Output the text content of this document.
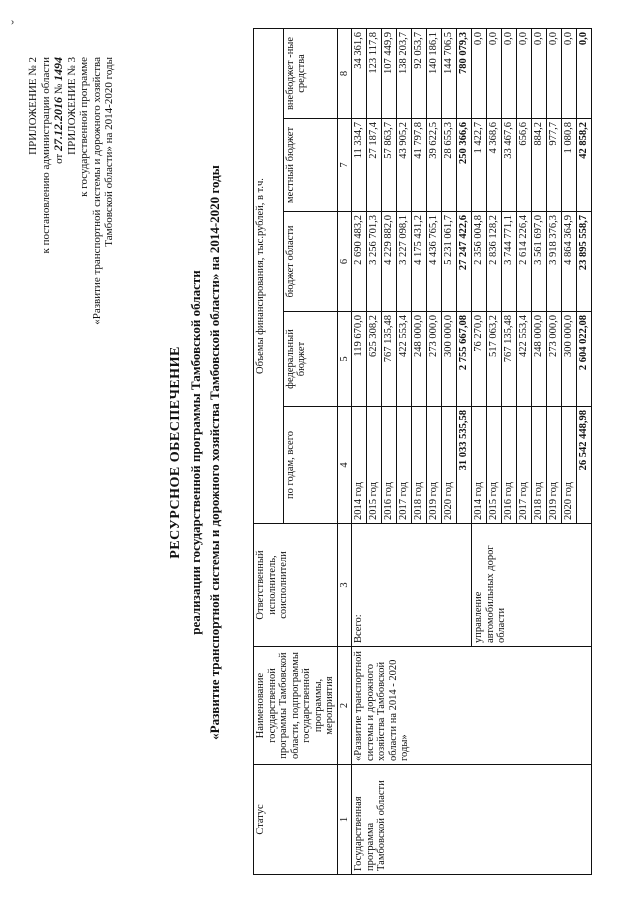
ˇ
ПРИЛОЖЕНИЕ № 2 к постановлению администрации области от 27.12.2016 № 1494 ПРИЛОЖЕНИЕ № 3 к государственной программе «Развитие транспортной системы и дорожного хозяйства Тамбовской области» на 2014-2020 годы
РЕСУРСНОЕ ОБЕСПЕЧЕНИЕ реализации государственной программы Тамбовской области «Развитие транспортной системы и дорожного хозяйства Тамбовской области» на 2014-2020 годы
Статус	Наименование государственной программы Тамбовской области, подпрограммы государственной программы, мероприятия	Ответственный исполнитель, соисполнители	Объемы финансирования, тыс.рублей, в т.ч.				
			по годам, всего	федеральный бюджет	бюджет области	местный бюджет	внебюджет -ные средства
1	2	3	4	5	6	7	8
Государственная программа Тамбовской области	«Развитие транспортной системы и дорожного хозяйства Тамбовской области на 2014 - 2020 годы»	Всего:	2014 год	119 670,0	2 690 483,2	11 334,7	34 361,6
			2015 год	625 308,2	3 256 701,3	27 187,4	123 117,8
			2016 год	767 135,48	4 229 882,0	57 863,7	107 449,9
			2017 год	422 553,4	3 227 098,1	43 905,2	138 203,7
			2018 год	248 000,0	4 175 431,2	41 797,8	92 053,7
			2019 год	273 000,0	4 436 765,1	39 622,5	140 186,1
			2020 год	300 000,0	5 231 061,7	28 655,3	144 706,5
			31 033 535,58	2 755 667,08	27 247 422,6	250 366,6	780 079,3
		управление автомобильных дорог области	2014 год	76 270,0	2 356 004,8	1 422,7	0,0
			2015 год	517 063,2	2 836 128,2	4 368,6	0,0
			2016 год	767 135,48	3 744 771,1	33 467,6	0,0
			2017 год	422 553,4	2 614 226,4	656,6	0,0
			2018 год	248 000,0	3 561 697,0	884,2	0,0
			2019 год	273 000,0	3 918 376,3	977,7	0,0
			2020 год	300 000,0	4 864 364,9	1 080,8	0,0
			26 542 448,98	2 604 022,08	23 895 558,7	42 858,2	0,0
